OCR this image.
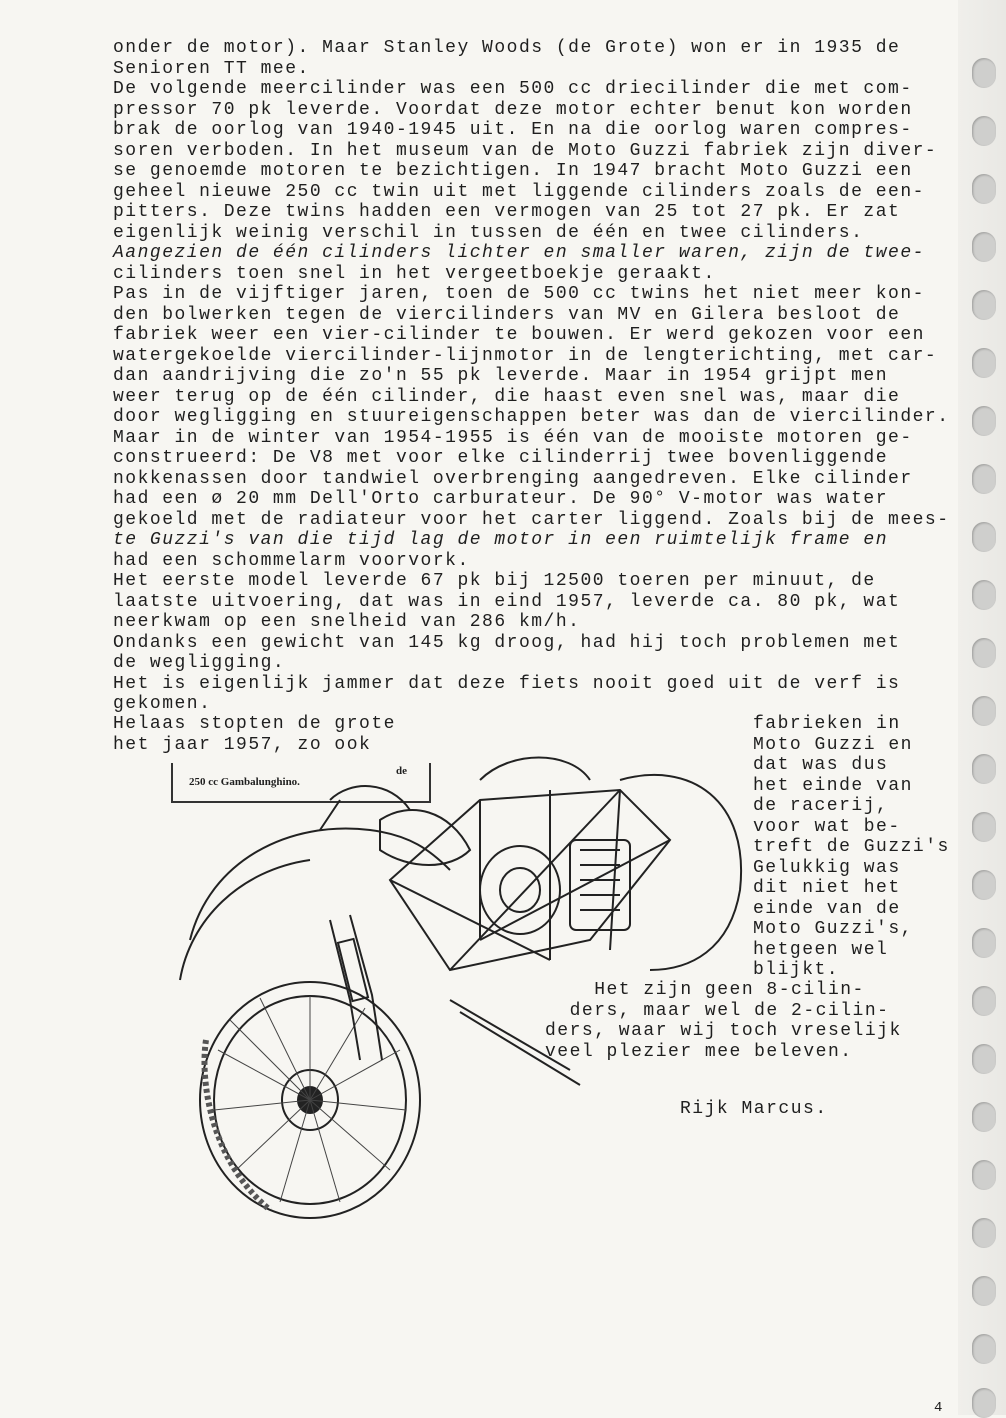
onder de motor). Maar Stanley Woods (de Grote) won er in 1935 de

Senioren TT mee.

De volgende meercilinder was een 500 cc driecilinder die met com-

pressor 70 pk leverde. Voordat deze motor echter benut kon worden

brak de oorlog van 1940-1945 uit. En na die oorlog waren compres-

soren verboden. In het museum van de Moto Guzzi fabriek zijn diver-

se genoemde motoren te bezichtigen. In 1947 bracht Moto Guzzi een

geheel nieuwe 250 cc twin uit met liggende cilinders zoals de een-

pitters. Deze twins hadden een vermogen van 25 tot 27 pk. Er zat

eigenlijk weinig verschil in tussen de één en twee cilinders.

Aangezien de één cilinders lichter en smaller waren, zijn de twee-

cilinders toen snel in het vergeetboekje geraakt.

Pas in de vijftiger jaren, toen de 500 cc twins het niet meer kon-

den bolwerken tegen de viercilinders van MV en Gilera besloot de

fabriek weer een vier-cilinder te bouwen. Er werd gekozen voor een

watergekoelde viercilinder-lijnmotor in de lengterichting, met car-

dan aandrijving die zo'n 55 pk leverde. Maar in 1954 grijpt men

weer terug op de één cilinder, die haast even snel was, maar die

door wegligging en stuureigenschappen beter was dan de viercilinder.

Maar in de winter van 1954-1955 is één van de mooiste motoren ge-

construeerd: De V8 met voor elke cilinderrij twee bovenliggende

nokkenassen door tandwiel overbrenging aangedreven. Elke cilinder

had een ø 20 mm Dell'Orto carburateur. De 90° V-motor was water

gekoeld met de radiateur voor het carter liggend. Zoals bij de mees-

te Guzzi's van die tijd lag de motor in een ruimtelijk frame en

had een schommelarm voorvork.

Het eerste model leverde 67 pk bij 12500 toeren per minuut, de

laatste uitvoering, dat was in eind 1957, leverde ca. 80 pk, wat

neerkwam op een snelheid van 286 km/h.

Ondanks een gewicht van 145 kg droog, had hij toch problemen met

de wegligging.

Het is eigenlijk jammer dat deze fiets nooit goed uit de verf is

gekomen.

Helaas stopten de grote
het jaar 1957, zo ook
250 cc Gambalunghino.
de
fabrieken in
Moto Guzzi en
dat was dus
het einde van
de racerij,
voor wat be-
treft de Guzzi's
Gelukkig was
dit niet het
einde van de
Moto Guzzi's,
hetgeen wel
blijkt.
Het zijn geen 8-cilin-
ders, maar wel de 2-cilin-
ders, waar wij toch vreselijk
veel plezier mee beleven.
Rijk Marcus.
4
